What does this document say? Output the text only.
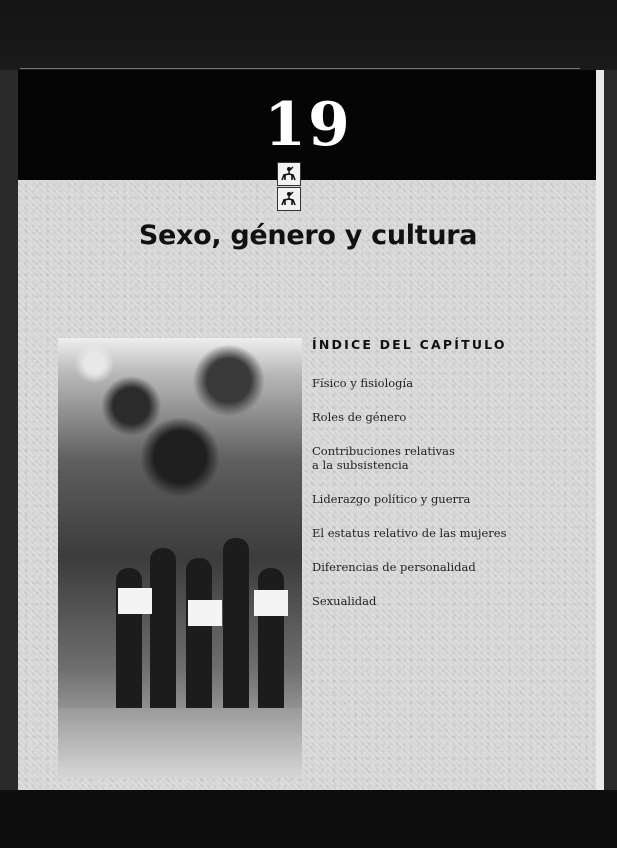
19
Sexo, género y cultura
ÍNDICE DEL CAPÍTULO
Físico y fisiología
Roles de género
Contribuciones relativas
a la subsistencia
Liderazgo político y guerra
El estatus relativo de las mujeres
Diferencias de personalidad
Sexualidad
